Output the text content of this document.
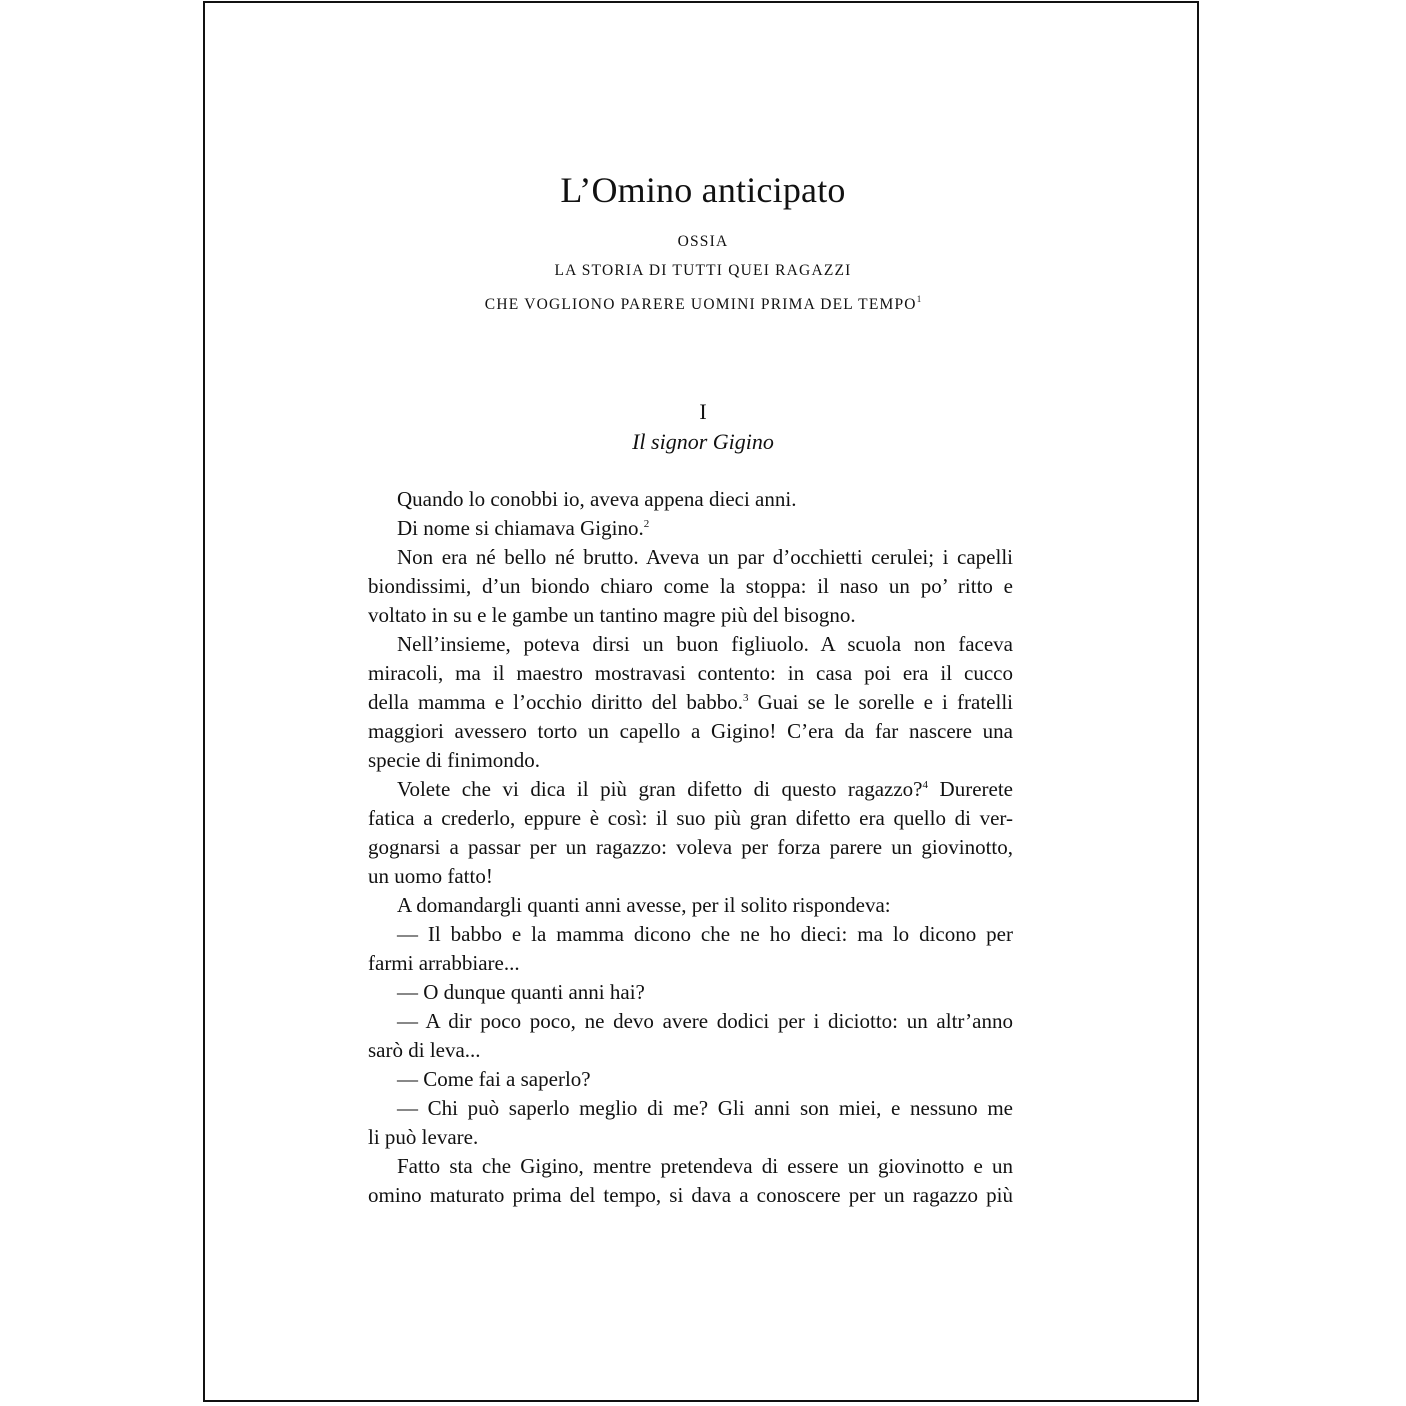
L’Omino anticipato
OSSIA
LA STORIA DI TUTTI QUEI RAGAZZI
CHE VOGLIONO PARERE UOMINI PRIMA DEL TEMPO$^1$
I
Il signor Gigino
Quando lo conobbi io, aveva appena dieci anni.
Di nome si chiamava Gigino.$^2$
Non era né bello né brutto. Aveva un par d’occhietti cerulei; i capelli
biondissimi, d’un biondo chiaro come la stoppa: il naso un po’ ritto e
voltato in su e le gambe un tantino magre più del bisogno.
Nell’insieme, poteva dirsi un buon figliuolo. A scuola non faceva
miracoli, ma il maestro mostravasi contento: in casa poi era il cucco
della mamma e l’occhio diritto del babbo.$^3$ Guai se le sorelle e i fratelli
maggiori avessero torto un capello a Gigino! C’era da far nascere una
specie di finimondo.
Volete che vi dica il più gran difetto di questo ragazzo?$^4$ Durerete
fatica a crederlo, eppure è così: il suo più gran difetto era quello di ver-
gognarsi a passar per un ragazzo: voleva per forza parere un giovinotto,
un uomo fatto!
A domandargli quanti anni avesse, per il solito rispondeva:
— Il babbo e la mamma dicono che ne ho dieci: ma lo dicono per
farmi arrabbiare...
— O dunque quanti anni hai?
— A dir poco poco, ne devo avere dodici per i diciotto: un altr’anno
sarò di leva...
— Come fai a saperlo?
— Chi può saperlo meglio di me? Gli anni son miei, e nessuno me
li può levare.
Fatto sta che Gigino, mentre pretendeva di essere un giovinotto e un
omino maturato prima del tempo, si dava a conoscere per un ragazzo più
